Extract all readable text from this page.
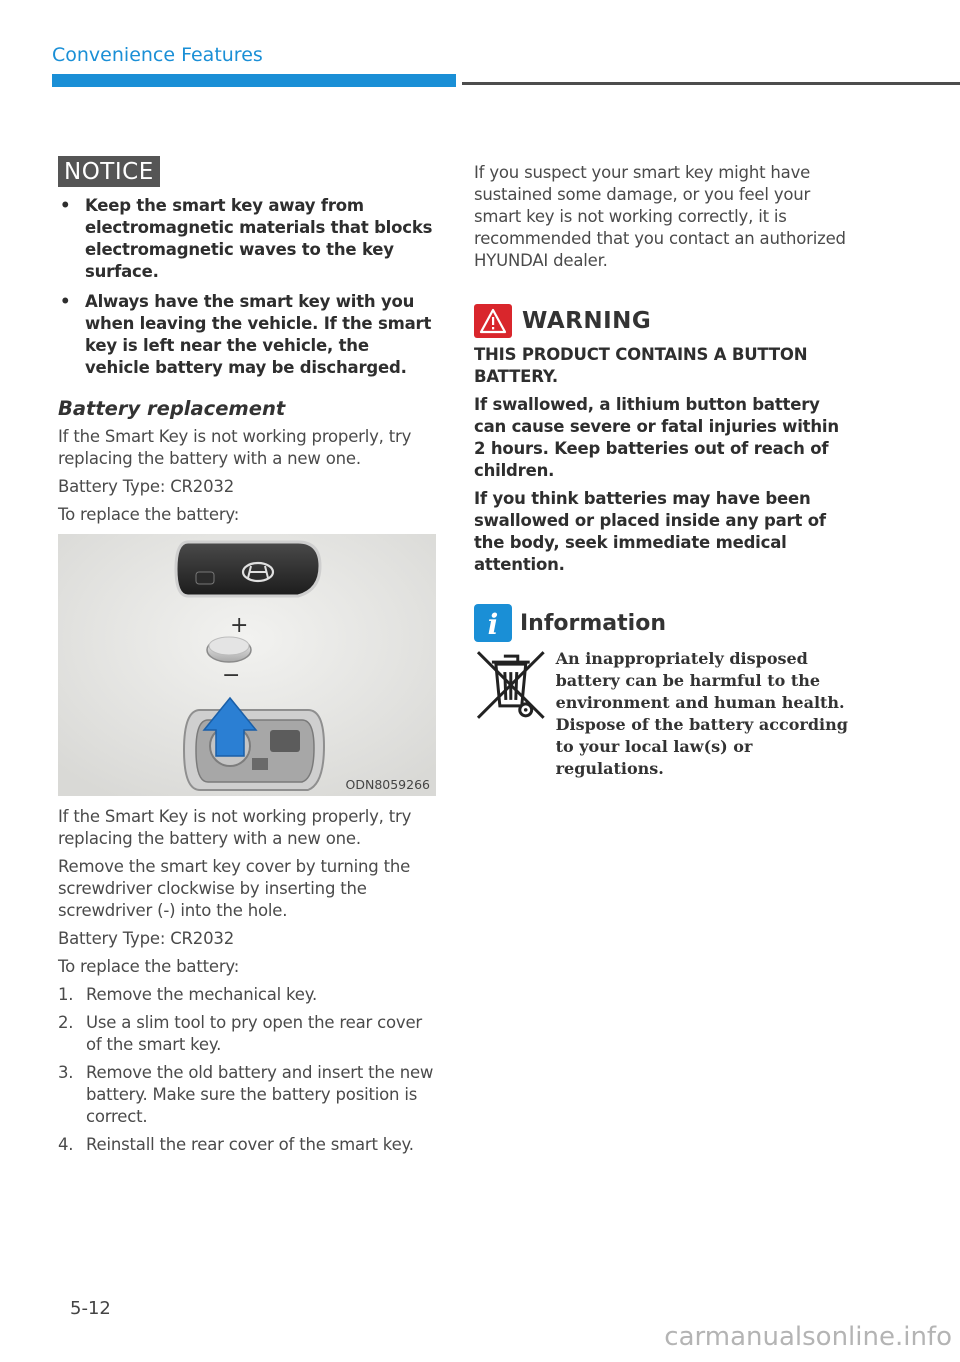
Convenience Features
NOTICE
• Keep the smart key away from electromagnetic materials that blocks electromagnetic waves to the key surface.
• Always have the smart key with you when leaving the vehicle. If the smart key is left near the vehicle, the vehicle battery may be discharged.
Battery replacement

If the Smart Key is not working properly, try replacing the battery with a new one.

Battery Type: CR2032

To replace the battery:

+
−
ODN8059266

If the Smart Key is not working properly, try replacing the battery with a new one.

Remove the smart key cover by turning the screwdriver clockwise by inserting the screwdriver (-) into the hole.

Battery Type: CR2032

To replace the battery:

1. Remove the mechanical key.
2. Use a slim tool to pry open the rear cover of the smart key.
3. Remove the old battery and insert the new battery. Make sure the battery position is correct.
4. Reinstall the rear cover of the smart key.

If you suspect your smart key might have sustained some damage, or you feel your smart key is not working correctly, it is recommended that you contact an authorized HYUNDAI dealer.

WARNING

THIS PRODUCT CONTAINS A BUTTON BATTERY.

If swallowed, a lithium button battery can cause severe or fatal injuries within 2 hours. Keep batteries out of reach of children.

If you think batteries may have been swallowed or placed inside any part of the body, seek immediate medical attention.

i Information
An inappropriately disposed battery can be harmful to the environment and human health. Dispose of the battery according to your local law(s) or regulations.
5-12
carmanualsonline.info
